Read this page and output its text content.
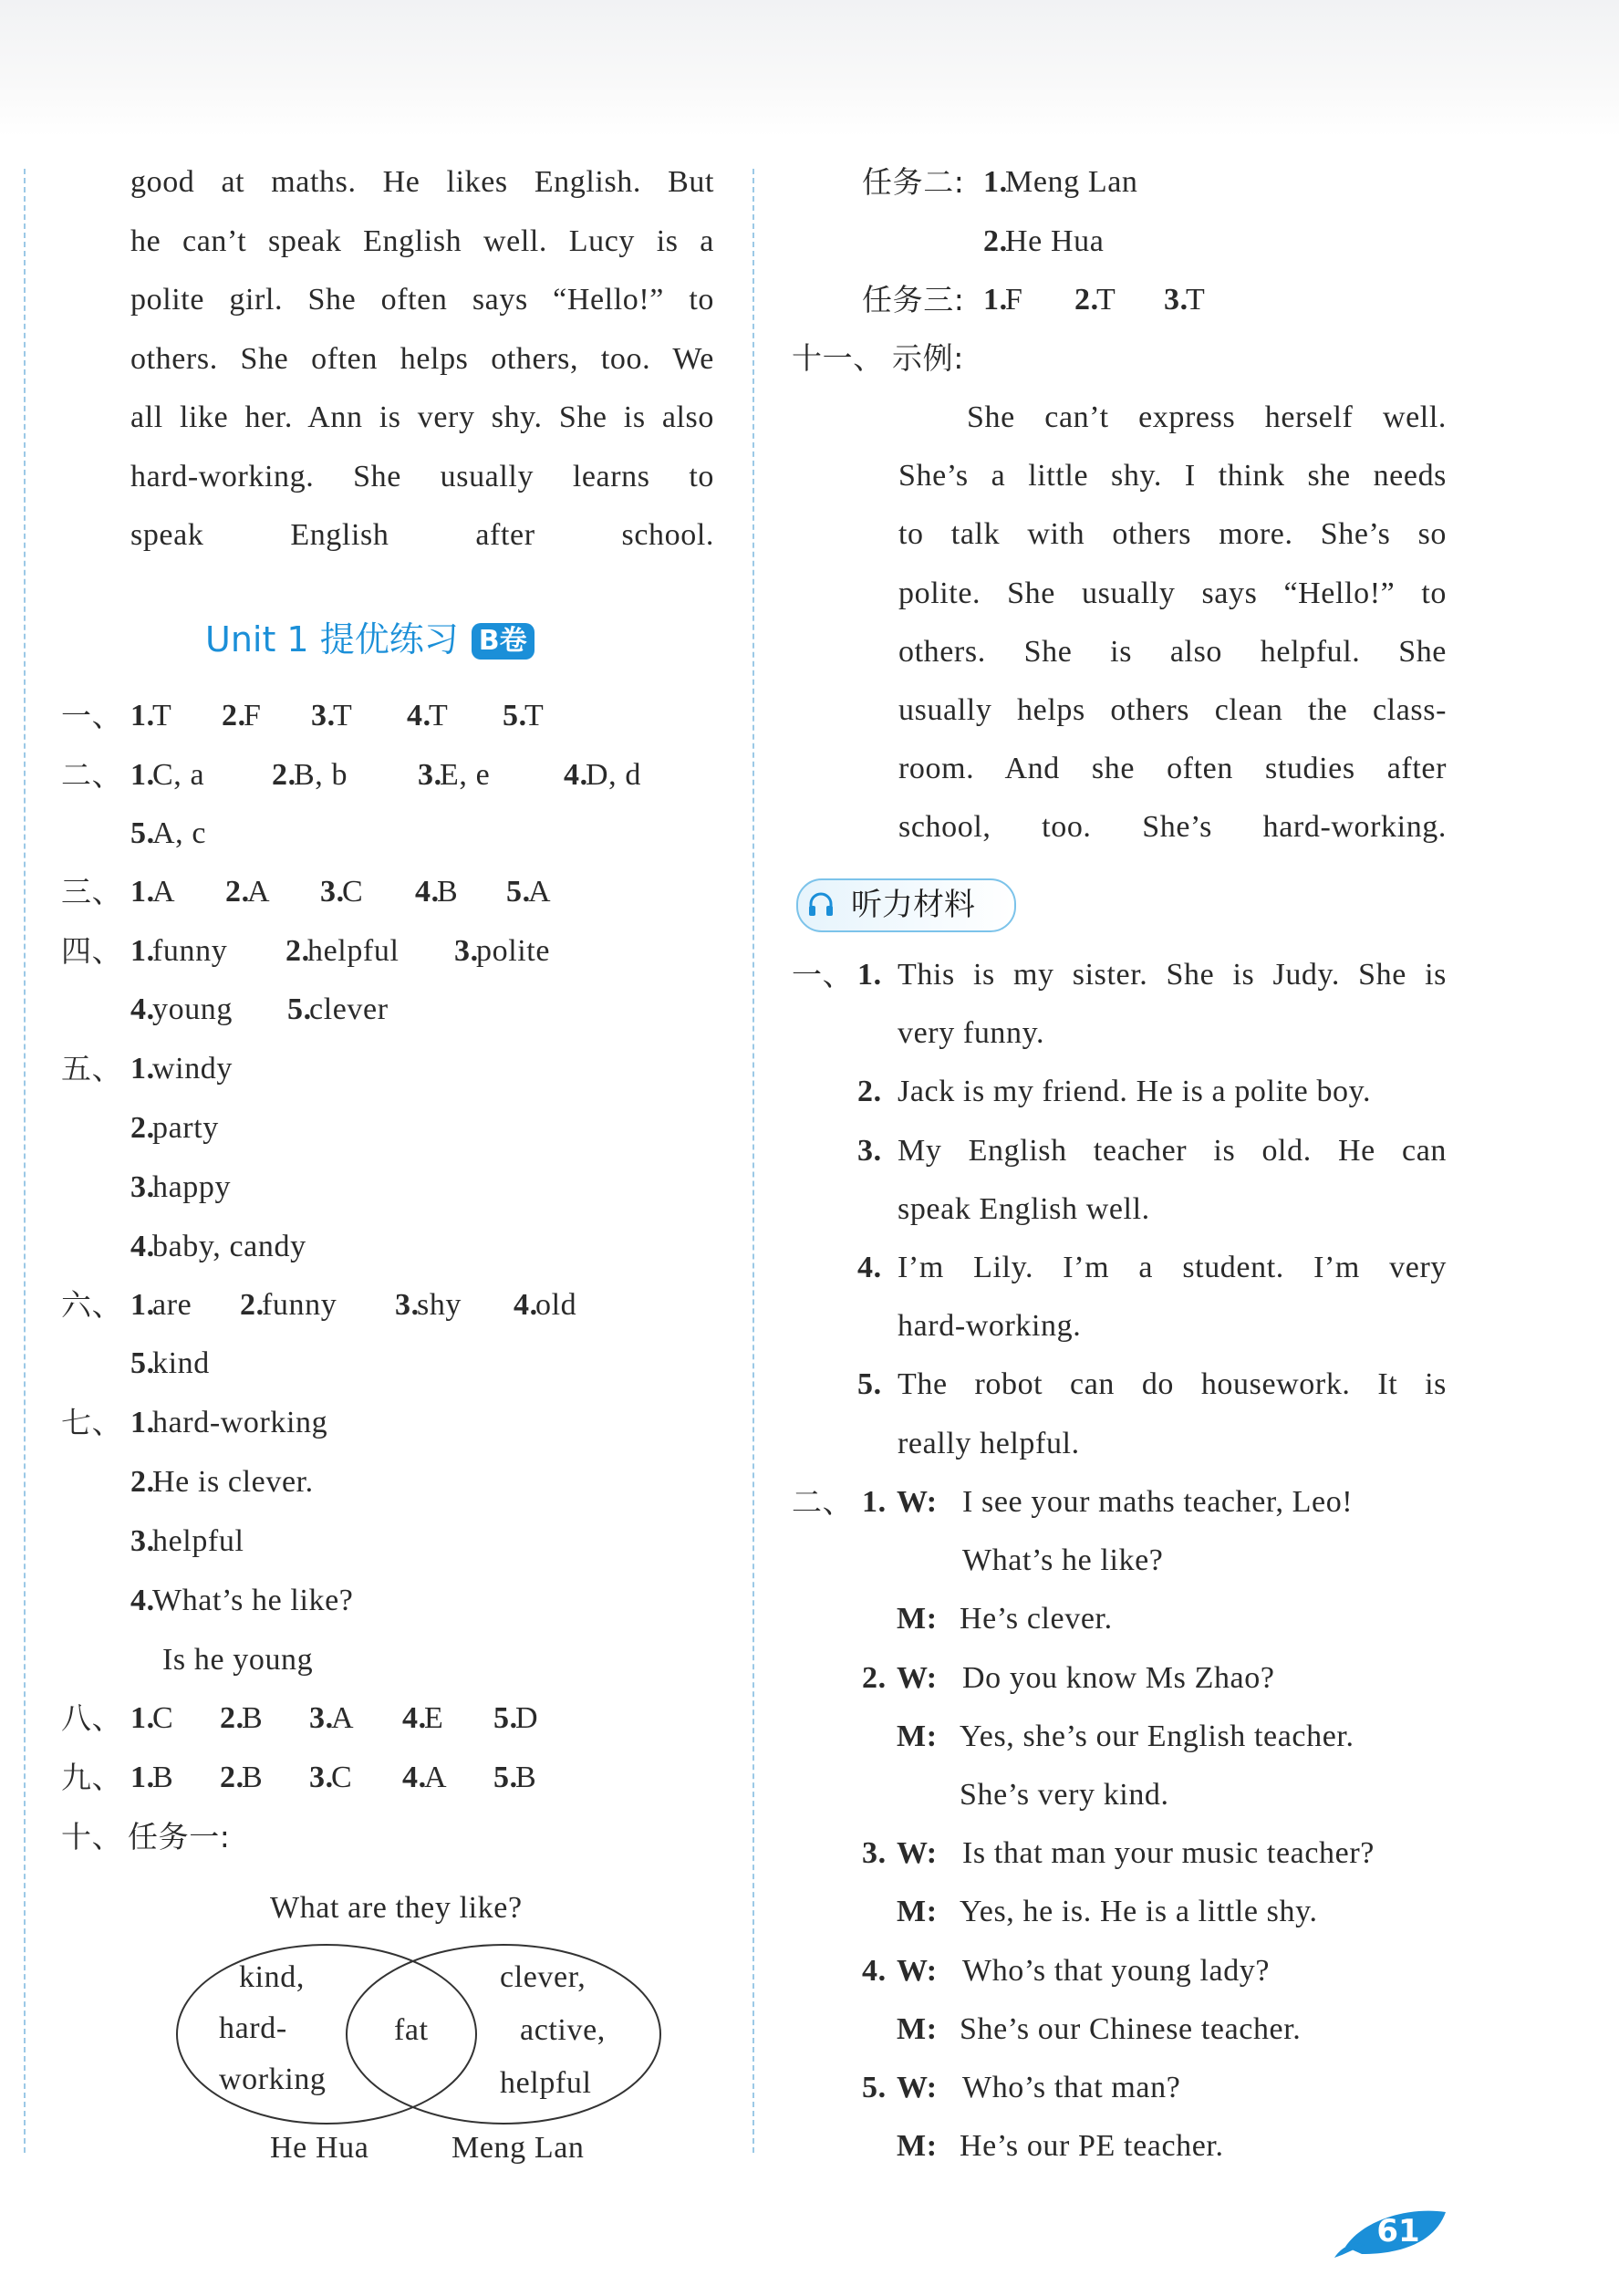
Unit 1 提优练习 B卷
听力材料
61
good at maths. He likes English. But
he can’t speak English well. Lucy is a
polite girl. She often says “Hello!” to
others. She often helps others, too. We
all like her. Ann is very shy. She is also
hard-working. She usually learns to
speak English after school.
一、 1.
T 2.
F 3.
T 4.
T 5.
T
二、 1.
C, a 2.
B, b 3.
E, e 4.
D, d
5.
A, c
三、 1.
A 2.
A 3.
C 4.
B 5.
A
四、 1.
funny 2.
helpful 3.
polite
4.
young 5.
clever
五、 1.
windy
2.
party
3.
happy
4.
baby, candy
六、 1.
are 2.
funny 3.
shy 4.
old
5.
kind
七、 1.
hard-working
2.
He is clever.
3.
helpful
4.
What’s he like?
Is he young
八、 1.
C 2.
B 3.
A 4.
E 5.
D
九、 1.
B 2.
B 3.
C 4.
A 5.
B
十、 任务一:
What are they like?
kind,
hard-
working
fat
clever,
active,
helpful
He Hua	Meng Lan
任务二: 1.
Meng Lan
2.
He Hua
任务三: 1.
F 2.
T 3.
T
十一、 示例:
She can’t express herself well.
She’s a little shy. I think she needs
to talk with others more. She’s so
polite. She usually says “Hello!” to
others. She is also helpful. She
usually helps others clean the class-
room. And she often studies after
school, too. She’s hard-working.
一、 1. This is my sister. She is Judy. She is
very funny.
2. Jack is my friend. He is a polite boy.
3. My English teacher is old. He can
speak English well.
4. I’m Lily. I’m a student. I’m very
hard-working.
5. The robot can do housework. It is
really helpful.
二、 1. W: I see your maths teacher, Leo!
What’s he like?
M: He’s clever.
2. W: Do you know Ms Zhao?
M: Yes, she’s our English teacher.
She’s very kind.
3. W: Is that man your music teacher?
M: Yes, he is. He is a little shy.
4. W: Who’s that young lady?
M: She’s our Chinese teacher.
5. W: Who’s that man?
M: He’s our PE teacher.
